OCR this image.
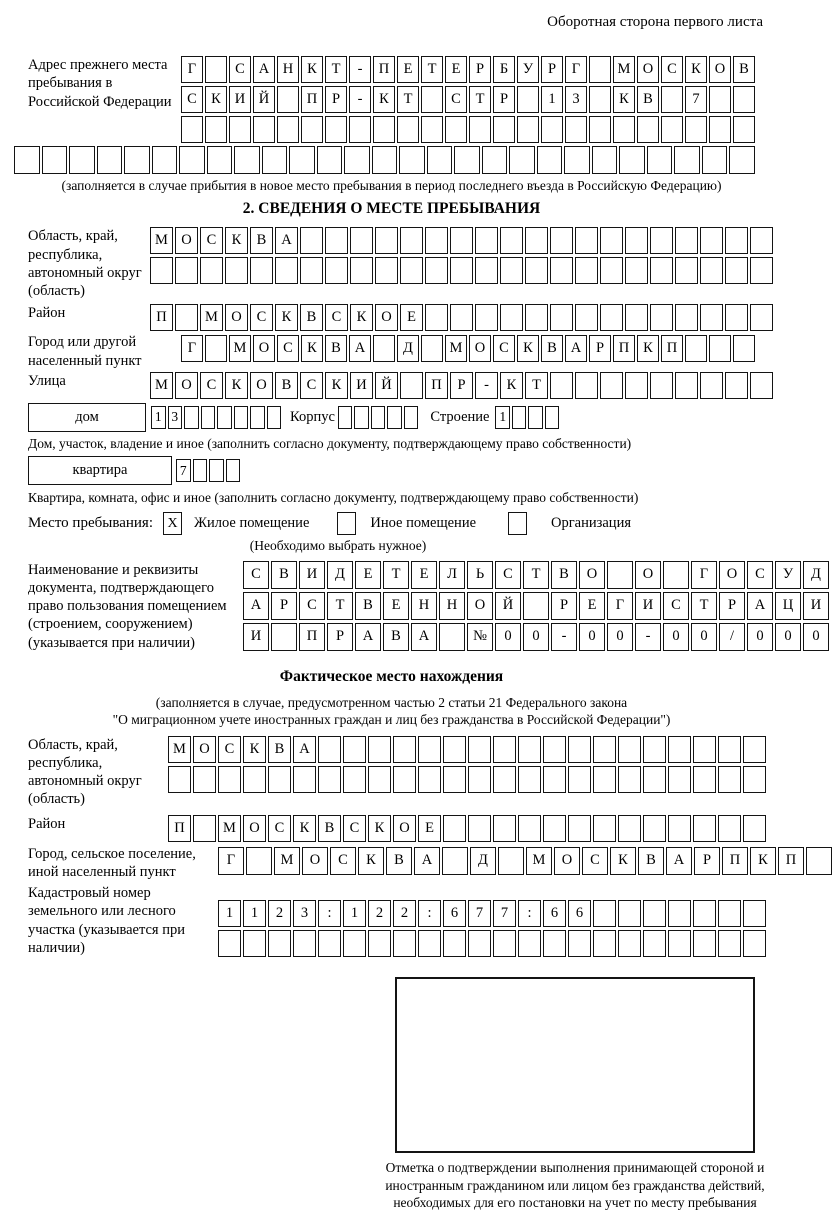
Оборотная сторона первого листа
Адрес прежнего места пребывания в Российской Федерации
Г	С А Н К	Т	-	П Е	Т	Е	Р	Б	У	Р	Г	М О С К О В
С К И Й	П	Р	-	К	Т	С	Т	Р	1	3	К В	7
(заполняется в случае прибытия в новое место пребывания в период последнего въезда в Российскую Федерацию)
2. СВЕДЕНИЯ О МЕСТЕ ПРЕБЫВАНИЯ
Область, край, республика, автономный округ (область)
М О	С	К	В	А
Район	П	М О	С	К	В	С	К	О	Е
Город или другой населенный пункт
Г	М О С К В А	Д	М О С К В А	Р	П К П
Улица	М О	С	К	О	В	С	К	И	Й	П	Р	-	К	Т
дом	1 3	Корпус	Строение 1
Дом, участок, владение и иное (заполнить согласно документу, подтверждающему право собственности)
квартира	7
Квартира, комната, офис и иное (заполнить согласно документу, подтверждающему право собственности)
Место пребывания:	X	Жилое помещение	Иное помещение	Организация
(Необходимо выбрать нужное)
Наименование и реквизиты документа, подтверждающего право пользования помещением (строением, сооружением) (указывается при наличии)
С	В	И	Д	Е	Т	Е	Л	Ь	С	Т	В	О	О	Г	О	С	У	Д
А	Р	С	Т	В	Е	Н	Н	О	Й	Р	Е	Г	И	С	Т	Р	А	Ц	И
И	П	Р	А	В	А	№	0	0	-	0	0	-	0	0	/	0	0	0
Фактическое место нахождения
(заполняется в случае, предусмотренном частью 2 статьи 21 Федерального закона
"О миграционном учете иностранных граждан и лиц без гражданства в Российской Федерации")
Область, край, республика, автономный округ (область)
М О	С	К	В	А
Район	П	М О	С	К	В	С	К	О	Е
Город, сельское поселение, иной населенный пункт
Г	М	О	С	К	В	А	Д	М	О	С	К	В	А	Р	П	К	П
Кадастровый номер земельного или лесного участка (указывается при наличии)
1	1	2	3	:	1	2	2	:	6	7	7	:	6	6
Отметка о подтверждении выполнения принимающей стороной и иностранным гражданином или лицом без гражданства действий, необходимых для его постановки на учет по месту пребывания
